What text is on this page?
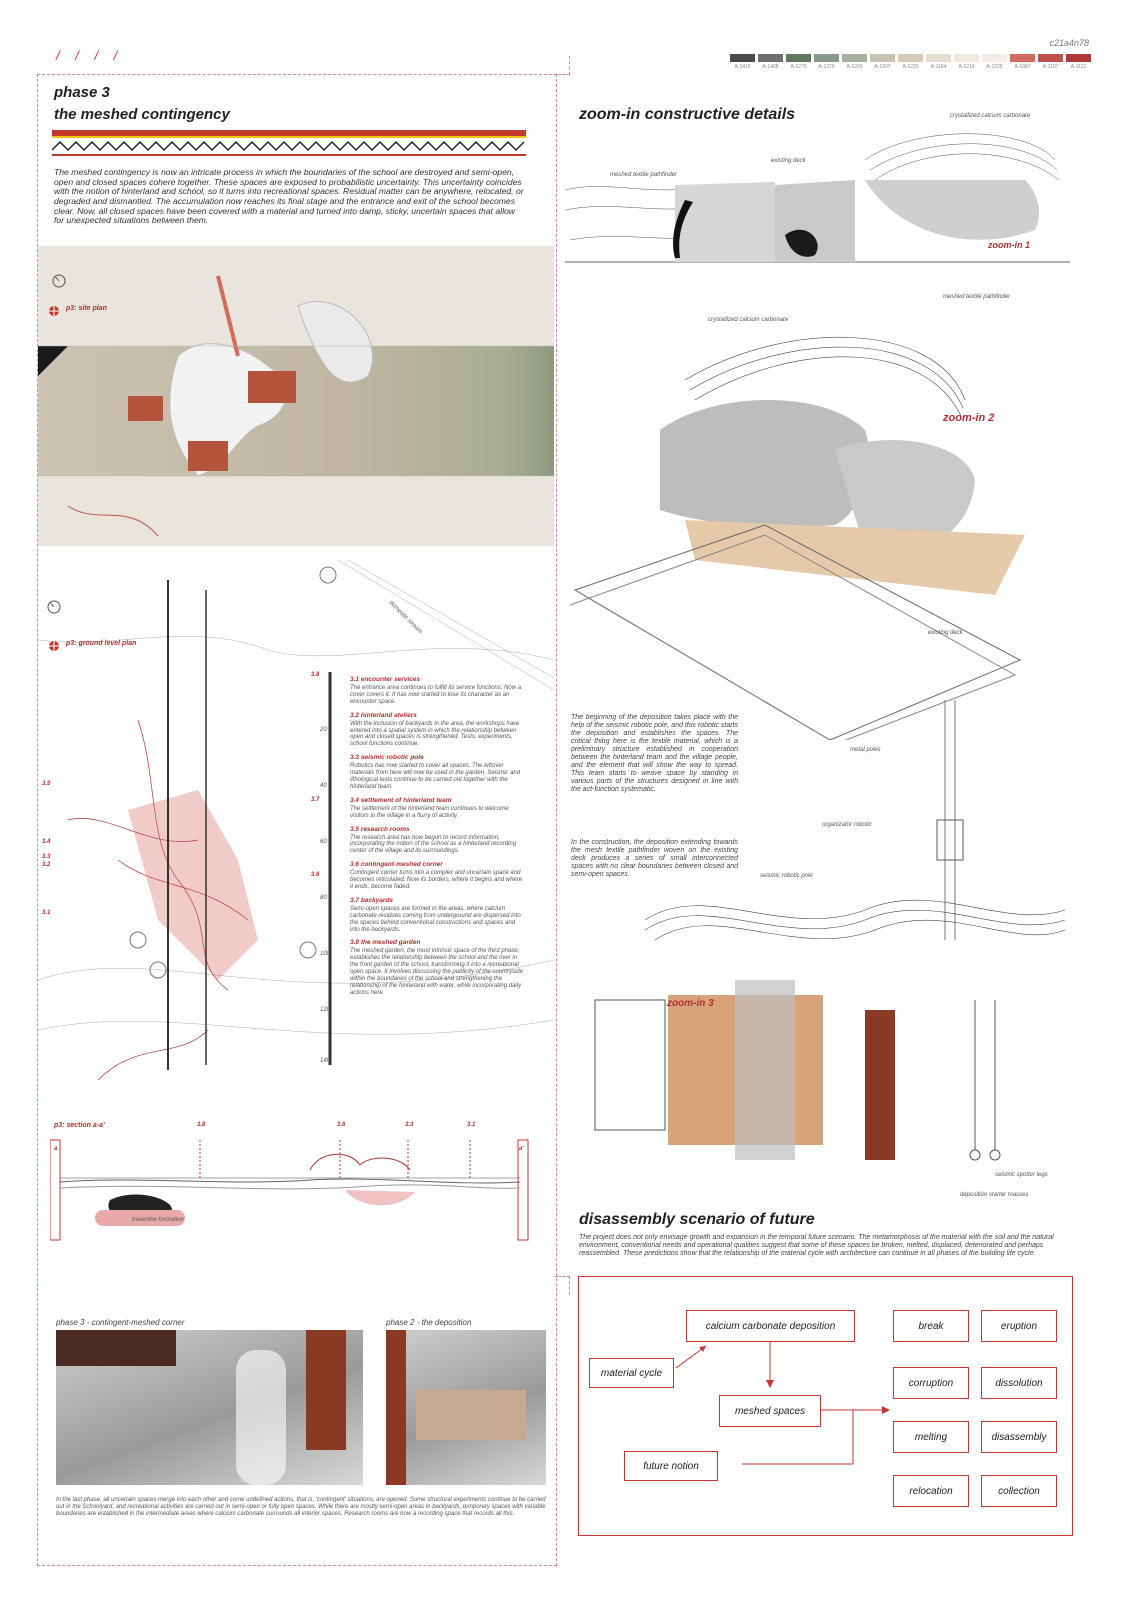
/ / / /
c21a4n78
A-1419 A-1408 A-1275 A-1270 A-1269 A-1207 A-1229 A-1184 A-1219 A-1225 A-1087 A-1107 A-1112
phase 3
the meshed contingency
The meshed contingency is now an intricate process in which the boundaries of the school are destroyed and semi-open, open and closed spaces cohere together. These spaces are exposed to probabilistic uncertainty. This uncertainty coincides with the notion of hinterland and school, so it turns into recreational spaces. Residual matter can be anywhere, relocated, or degraded and dismantled. The accumulation now reaches its final stage and the entrance and exit of the school becomes clear. Now, all closed spaces have been covered with a material and turned into damp, sticky, uncertain spaces that allow for unexpected situations between them.
p3: site plan
domestic stream
p3: ground level plan
3.5
3.4
3.3
3.2
3.1
3.8
3.7
3.6
20
40
60
80
100
120
140
3.1 encounter services
The entrance area continues to fulfill its service functions. Now a cover covers it. It has now started to lose its character as an encounter space.
3.2 hinterland ateliers
With the inclusion of backyards in the area, the workshops have entered into a spatial system in which the relationship between open and closed spaces is strengthened. Tests, experiments, school functions continue.
3.3 seismic robotic pole
Robotics has now started to cover all spaces. The leftover materials from here will now be used in the garden. Seismic and lithological tests continue to be carried out together with the hinterland team.
3.4 settlement of hinterland team
The settlement of the hinterland team continues to welcome visitors to the village in a flurry of activity.
3.5 research rooms
The research area has now begun to record information, incorporating the notion of the school as a hinterland recording center of the village and its surroundings.
3.6 contingent-meshed corner
Contingent corner turns into a complex and uncertain space and becomes reticulated. Now its borders, where it begins and where it ends, become faded.
3.7 backyards
Semi-open spaces are formed in the areas, where calcium carbonate residues coming from underground are dispersed into the spaces behind conventional constructions and spaces and into the backyards.
3.8 the meshed garden
The meshed garden, the most intrinsic space of the third phase, establishes the relationship between the school and the river in the front garden of the school, transforming it into a recreational open space. It involves discussing the publicity of the countryside within the boundaries of the school and strengthening the relationship of the hinterland with water, while incorporating daily actions here.
p3: section a-a'	3.8	3.6	3.3	3.1
a	a'
travertine formation
phase 3 - contingent-meshed corner	phase 2 - the deposition
In the last phase, all uncertain spaces merge into each other and some undefined actions, that is, 'contingent' situations, are opened. Some structural experiments continue to be carried out in the Schoolyard, and recreational activities are carried out in semi-open or fully open spaces. While there are mostly semi-open areas in backyards, temporary spaces with variable boundaries are established in the intermediate areas where calcium carbonate surrounds all interior spaces. Research rooms are now a recording space that records all this.
zoom-in constructive details	crystallized calcium carbonate
existing deck
meshed textile pathfinder
zoom-in 1
meshed textile pathfinder
crystallized calcium carbonate
zoom-in 2
existing deck
The beginning of the deposition takes place with the help of the seismic robotic pole, and this robotic starts the deposition and establishes the spaces. The critical thing here is the textile material, which is a preliminary structure established in cooperation between the hinterland team and the village people, and the element that will show the way to spread. This team starts to weave space by standing in various parts of the structures designed in line with the act-function systematic.
In the construction, the deposition extending towards the mesh textile pathfinder woven on the existing deck produces a series of small interconnected spaces with no clear boundaries between closed and semi-open spaces.
metal poles
organizator robotic
seismic robotic pole
zoom-in 3
seismic spotter legs
deposition starter masses
disassembly scenario of future
The project does not only envisage growth and expansion in the temporal future scenario. The metamorphosis of the material with the soil and the natural environment, conventional needs and operational qualities suggest that some of these spaces be broken, melted, displaced, deteriorated and perhaps reassembled. These predictions show that the relationship of the material cycle with architecture can continue in all phases of the building life cycle.
material cycle
calcium carbonate deposition
meshed spaces
future notion
break	eruption
corruption	dissolution
melting	disassembly
relocation	collection
